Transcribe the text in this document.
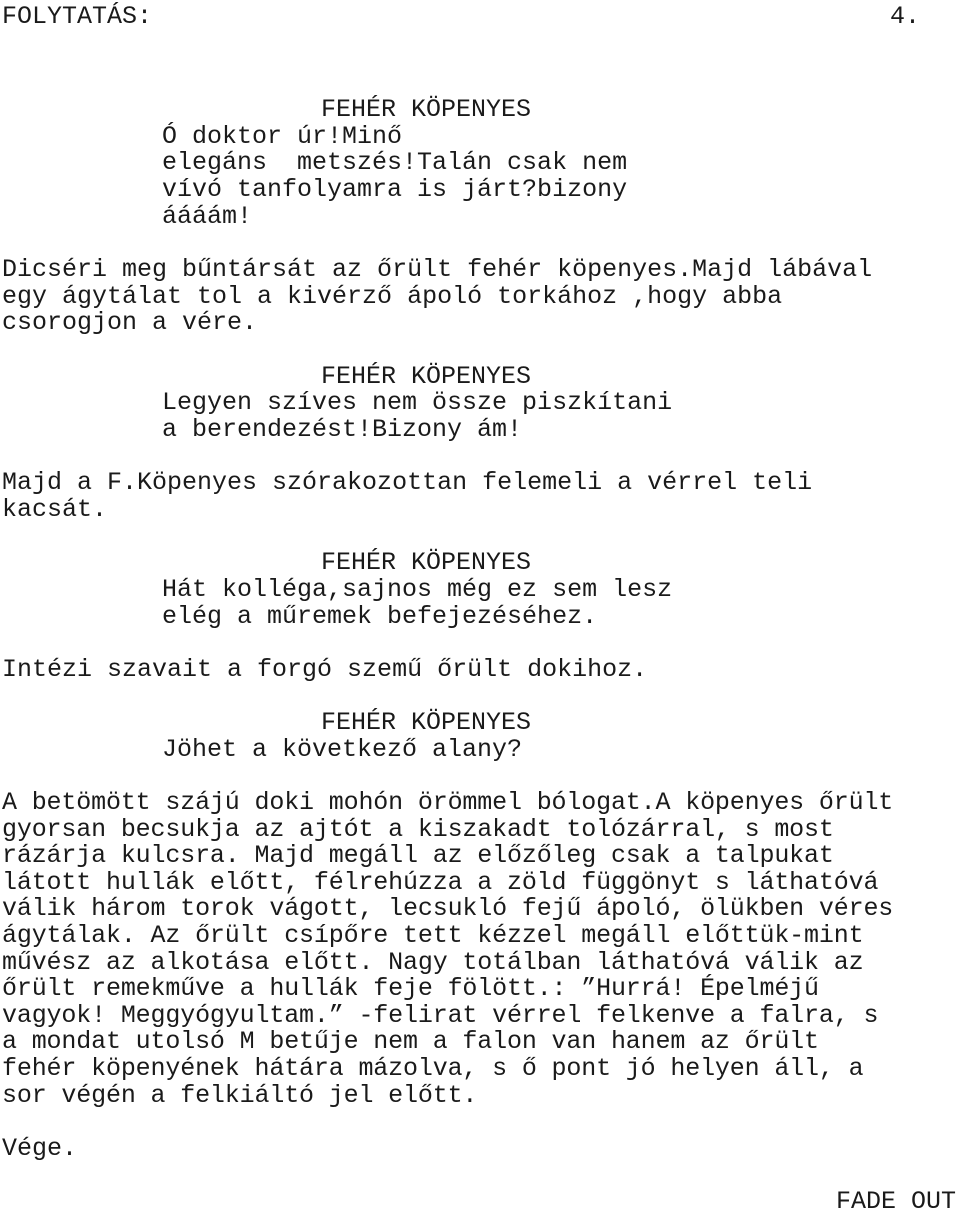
FOLYTATÁS:	4.
FEHÉR KÖPENYES
Ó doktor úr!Minő
elegáns  metszés!Talán csak nem
vívó tanfolyamra is járt?bizony
áááám!
Dicséri meg bűntársát az őrült fehér köpenyes.Majd lábával
egy ágytálat tol a kivérző ápoló torkához ,hogy abba
csorogjon a vére.
FEHÉR KÖPENYES
Legyen szíves nem össze piszkítani
a berendezést!Bizony ám!
Majd a F.Köpenyes szórakozottan felemeli a vérrel teli
kacsát.
FEHÉR KÖPENYES
Hát kolléga,sajnos még ez sem lesz
elég a műremek befejezéséhez.
Intézi szavait a forgó szemű őrült dokihoz.
FEHÉR KÖPENYES
Jöhet a következő alany?
A betömött szájú doki mohón örömmel bólogat.A köpenyes őrült
gyorsan becsukja az ajtót a kiszakadt tolózárral, s most
rázárja kulcsra. Majd megáll az előzőleg csak a talpukat
látott hullák előtt, félrehúzza a zöld függönyt s láthatóvá
válik három torok vágott, lecsukló fejű ápoló, ölükben véres
ágytálak. Az őrült csípőre tett kézzel megáll előttük-mint
művész az alkotása előtt. Nagy totálban láthatóvá válik az
őrült remekműve a hullák feje fölött.: ”Hurrá! Épelméjű
vagyok! Meggyógyultam.” -felirat vérrel felkenve a falra, s
a mondat utolsó M betűje nem a falon van hanem az őrült
fehér köpenyének hátára mázolva, s ő pont jó helyen áll, a
sor végén a felkiáltó jel előtt.
Vége.
FADE OUT
